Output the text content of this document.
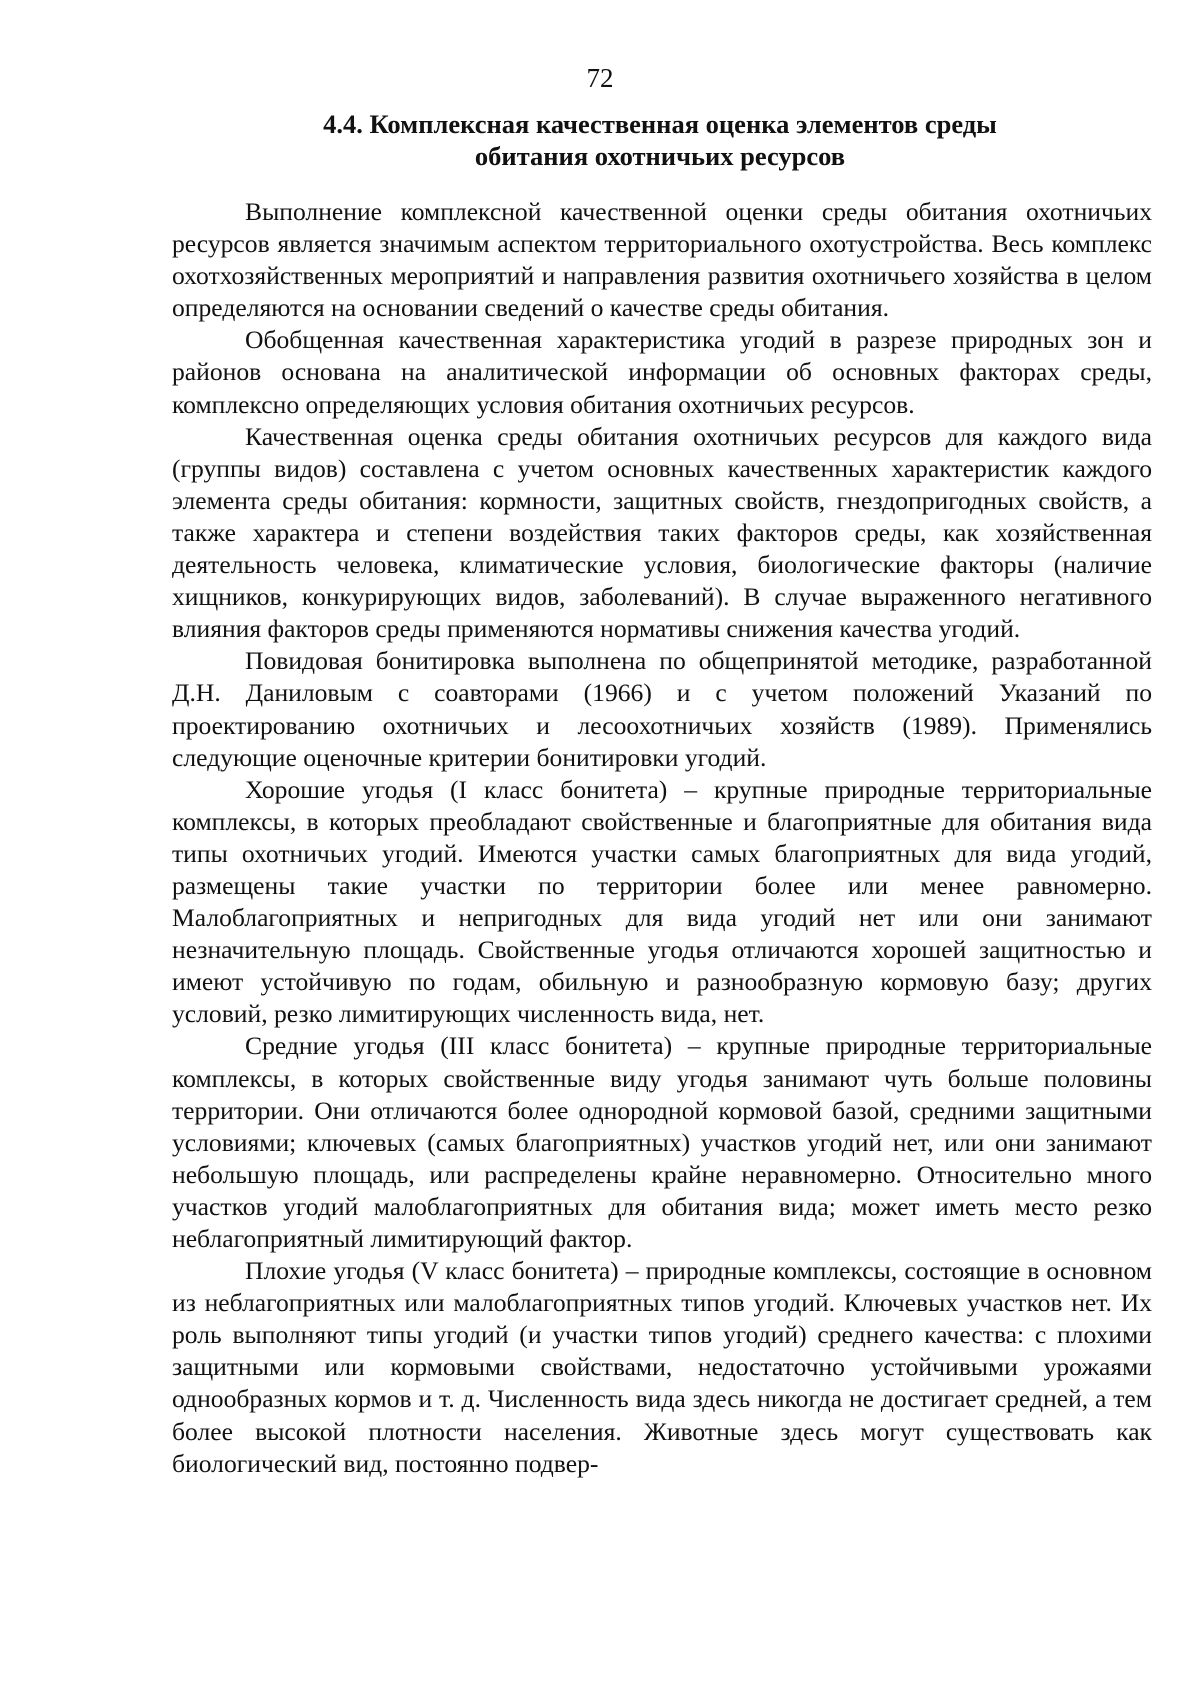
72
4.4. Комплексная качественная оценка элементов среды
обитания охотничьих ресурсов

Выполнение комплексной качественной оценки среды обитания охотничьих ресурсов является значимым аспектом территориального охотустройства. Весь комплекс охотхозяйственных мероприятий и направления развития охотничьего хозяйства в целом определяются на основании сведений о качестве среды обитания.

Обобщенная качественная характеристика угодий в разрезе природных зон и районов основана на аналитической информации об основных факторах среды, комплексно определяющих условия обитания охотничьих ресурсов.

Качественная оценка среды обитания охотничьих ресурсов для каждого вида (группы видов) составлена с учетом основных качественных характеристик каждого элемента среды обитания: кормности, защитных свойств, гнездопригодных свойств, а также характера и степени воздействия таких факторов среды, как хозяйственная деятельность человека, климатические условия, биологические факторы (наличие хищников, конкурирующих видов, заболеваний). В случае выраженного негативного влияния факторов среды применяются нормативы снижения качества угодий.

Повидовая бонитировка выполнена по общепринятой методике, разработанной Д.Н. Даниловым с соавторами (1966) и с учетом положений Указаний по проектированию охотничьих и лесоохотничьих хозяйств (1989). Применялись следующие оценочные критерии бонитировки угодий.

Хорошие угодья (I класс бонитета) – крупные природные территориальные комплексы, в которых преобладают свойственные и благоприятные для обитания вида типы охотничьих угодий. Имеются участки самых благоприятных для вида угодий, размещены такие участки по территории более или менее равномерно. Малоблагоприятных и непригодных для вида угодий нет или они занимают незначительную площадь. Свойственные угодья отличаются хорошей защитностью и имеют устойчивую по годам, обильную и разнообразную кормовую базу; других условий, резко лимитирующих численность вида, нет.

Средние угодья (III класс бонитета) – крупные природные территориальные комплексы, в которых свойственные виду угодья занимают чуть больше половины территории. Они отличаются более однородной кормовой базой, средними защитными условиями; ключевых (самых благоприятных) участков угодий нет, или они занимают небольшую площадь, или распределены крайне неравномерно. Относительно много участков угодий малоблагоприятных для обитания вида; может иметь место резко неблагоприятный лимитирующий фактор.

Плохие угодья (V класс бонитета) – природные комплексы, состоящие в основном из неблагоприятных или малоблагоприятных типов угодий. Ключевых участков нет. Их роль выполняют типы угодий (и участки типов угодий) среднего качества: с плохими защитными или кормовыми свойствами, недостаточно устойчивыми урожаями однообразных кормов и т. д. Численность вида здесь никогда не достигает средней, а тем более высокой плотности населения. Животные здесь могут существовать как биологический вид, постоянно подвер-
